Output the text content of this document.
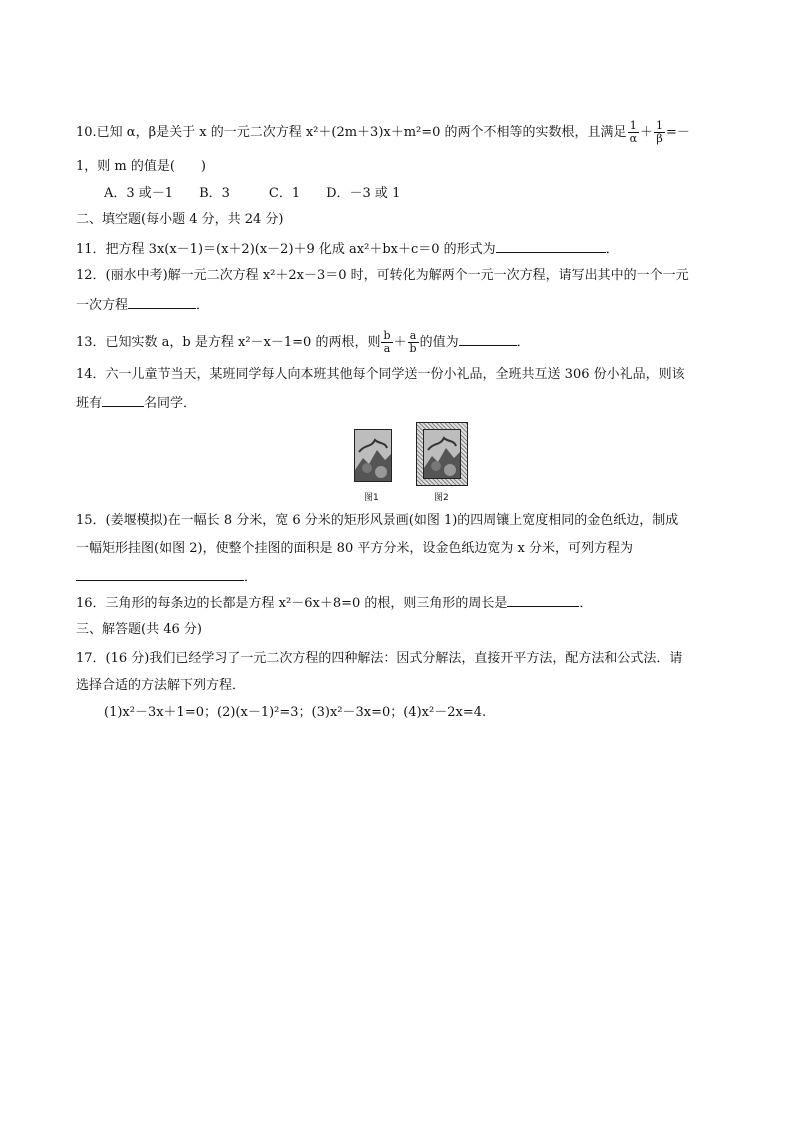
10.已知 α，β是关于 x 的一元二次方程 x²＋(2m＋3)x＋m²=0 的两个不相等的实数根，且满足 $\frac{1}{\alpha} + \frac{1}{\beta}$ =－
1，则 m 的值是(　　)
A．3 或－1　　B．3　　　C．1　　D．－3 或 1
二、填空题(每小题 4 分，共 24 分)
11．把方程 3x(x－1)＝(x＋2)(x－2)＋9 化成 ax²＋bx＋c＝0 的形式为	．
12．(丽水中考)解一元二次方程 x²＋2x－3＝0 时，可转化为解两个一元一次方程，请写出其中的一个一元
一次方程	．
13．已知实数 a，b 是方程 x²－x－1=0 的两根，则 $\frac{b}{a} + \frac{a}{b}$ 的值为	．
14．六一儿童节当天，某班同学每人向本班其他每个同学送一份小礼品，全班共互送 306 份小礼品，则该
班有	名同学．
图1	图2
15．(姜堰模拟)在一幅长 8 分米，宽 6 分米的矩形风景画(如图 1)的四周镶上宽度相同的金色纸边，制成
一幅矩形挂图(如图 2)，使整个挂图的面积是 80 平方分米，设金色纸边宽为 x 分米，可列方程为
．
16．三角形的每条边的长都是方程 x²－6x＋8=0 的根，则三角形的周长是	．
三、解答题(共 46 分)
17．(16 分)我们已经学习了一元二次方程的四种解法：因式分解法，直接开平方法，配方法和公式法．请
选择合适的方法解下列方程．
(1)x²－3x＋1=0；(2)(x－1)²=3；(3)x²－3x=0；(4)x²－2x=4.
